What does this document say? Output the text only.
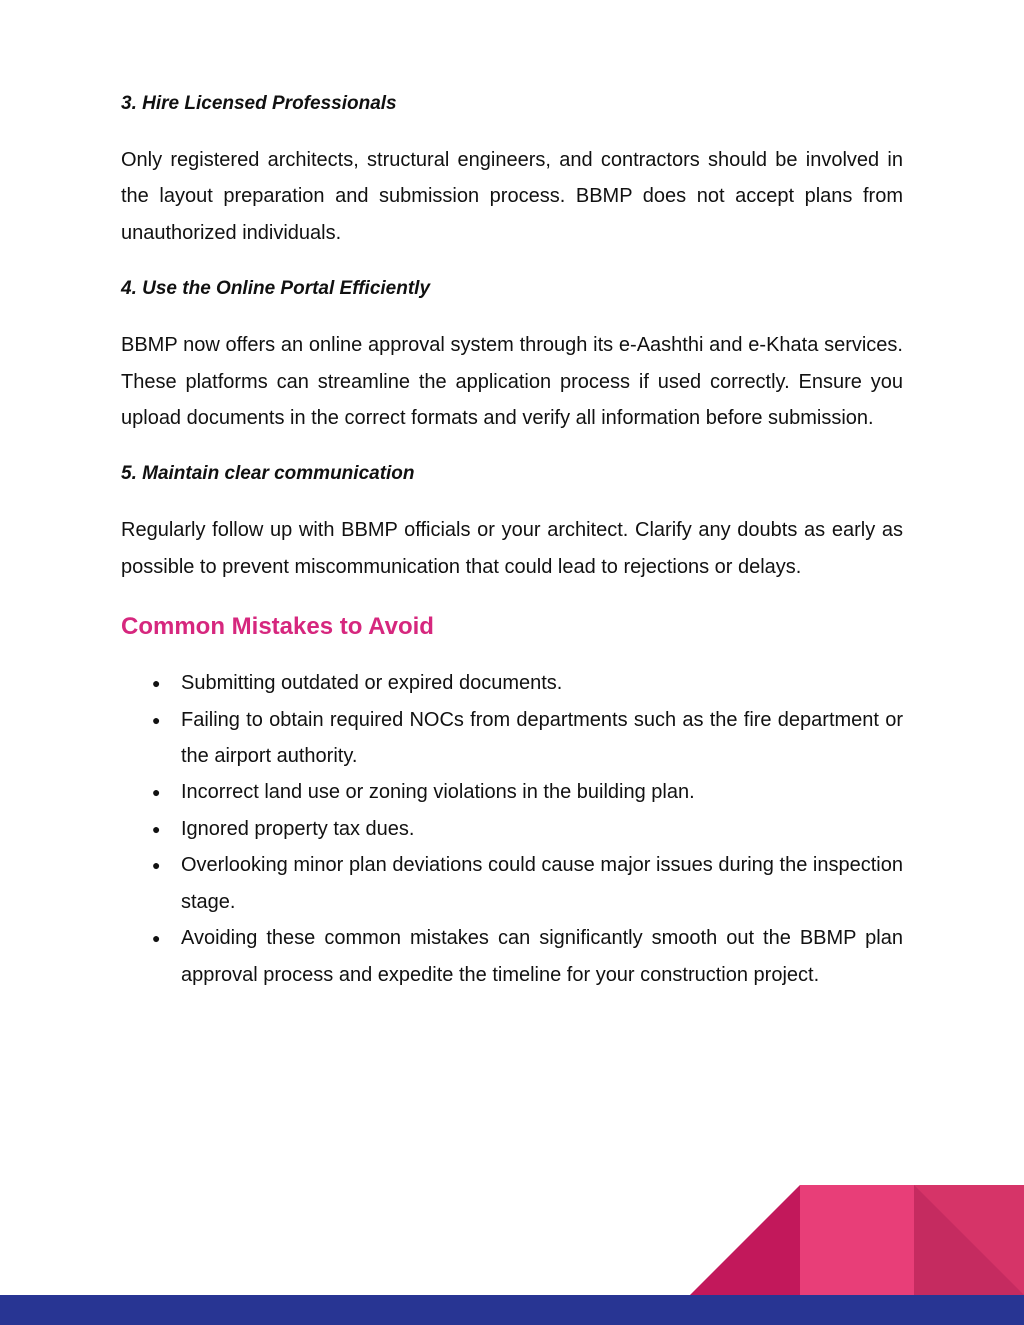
3. Hire Licensed Professionals

Only registered architects, structural engineers, and contractors should be involved in the layout preparation and submission process. BBMP does not accept plans from unauthorized individuals.

4. Use the Online Portal Efficiently

BBMP now offers an online approval system through its e-Aashthi and e-Khata services. These platforms can streamline the application process if used correctly. Ensure you upload documents in the correct formats and verify all information before submission.

5. Maintain clear communication

Regularly follow up with BBMP officials or your architect. Clarify any doubts as early as possible to prevent miscommunication that could lead to rejections or delays.

Common Mistakes to Avoid
● Submitting outdated or expired documents.
● Failing to obtain required NOCs from departments such as the fire department or the airport authority.
● Incorrect land use or zoning violations in the building plan.
● Ignored property tax dues.
● Overlooking minor plan deviations could cause major issues during the inspection stage.
● Avoiding these common mistakes can significantly smooth out the BBMP plan approval process and expedite the timeline for your construction project.
